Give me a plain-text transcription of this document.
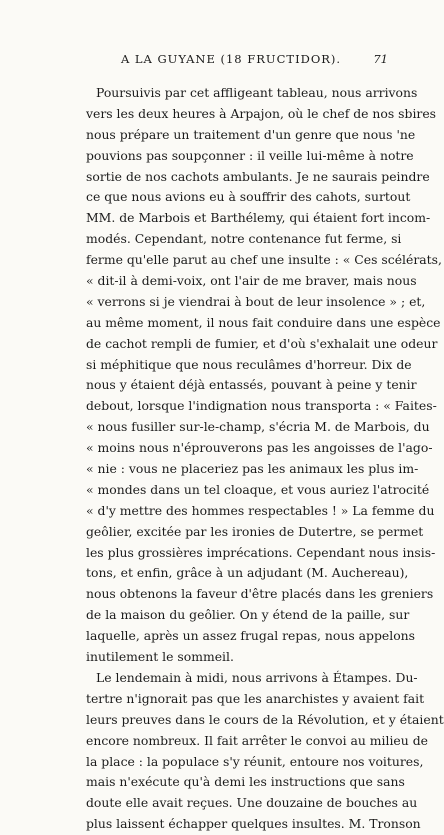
A LA GUYANE (18 FRUCTIDOR).	71
Poursuivis par cet affligeant tableau, nous arrivons
vers les deux heures à Arpajon, où le chef de nos sbires
nous prépare un traitement d'un genre que nous 'ne
pouvions pas soupçonner : il veille lui-même à notre
sortie de nos cachots ambulants. Je ne saurais peindre
ce que nous avions eu à souffrir des cahots, surtout
MM. de Marbois et Barthélemy, qui étaient fort incom-
modés. Cependant, notre contenance fut ferme, si
ferme qu'elle parut au chef une insulte : « Ces scélérats,
« dit-il à demi-voix, ont l'air de me braver, mais nous
« verrons si je viendrai à bout de leur insolence » ; et,
au même moment, il nous fait conduire dans une espèce
de cachot rempli de fumier, et d'où s'exhalait une odeur
si méphitique que nous reculâmes d'horreur. Dix de
nous y étaient déjà entassés, pouvant à peine y tenir
debout, lorsque l'indignation nous transporta : « Faites-
« nous fusiller sur-le-champ, s'écria M. de Marbois, du
« moins nous n'éprouverons pas les angoisses de l'ago-
« nie : vous ne placeriez pas les animaux les plus im-
« mondes dans un tel cloaque, et vous auriez l'atrocité
« d'y mettre des hommes respectables ! » La femme du
geôlier, excitée par les ironies de Dutertre, se permet
les plus grossières imprécations. Cependant nous insis-
tons, et enfin, grâce à un adjudant (M. Auchereau),
nous obtenons la faveur d'être placés dans les greniers
de la maison du geôlier. On y étend de la paille, sur
laquelle, après un assez frugal repas, nous appelons
inutilement le sommeil.
Le lendemain à midi, nous arrivons à Étampes. Du-
tertre n'ignorait pas que les anarchistes y avaient fait
leurs preuves dans le cours de la Révolution, et y étaient
encore nombreux. Il fait arrêter le convoi au milieu de
la place : la populace s'y réunit, entoure nos voitures,
mais n'exécute qu'à demi les instructions que sans
doute elle avait reçues. Une douzaine de bouches au
plus laissent échapper quelques insultes. M. Tronson
